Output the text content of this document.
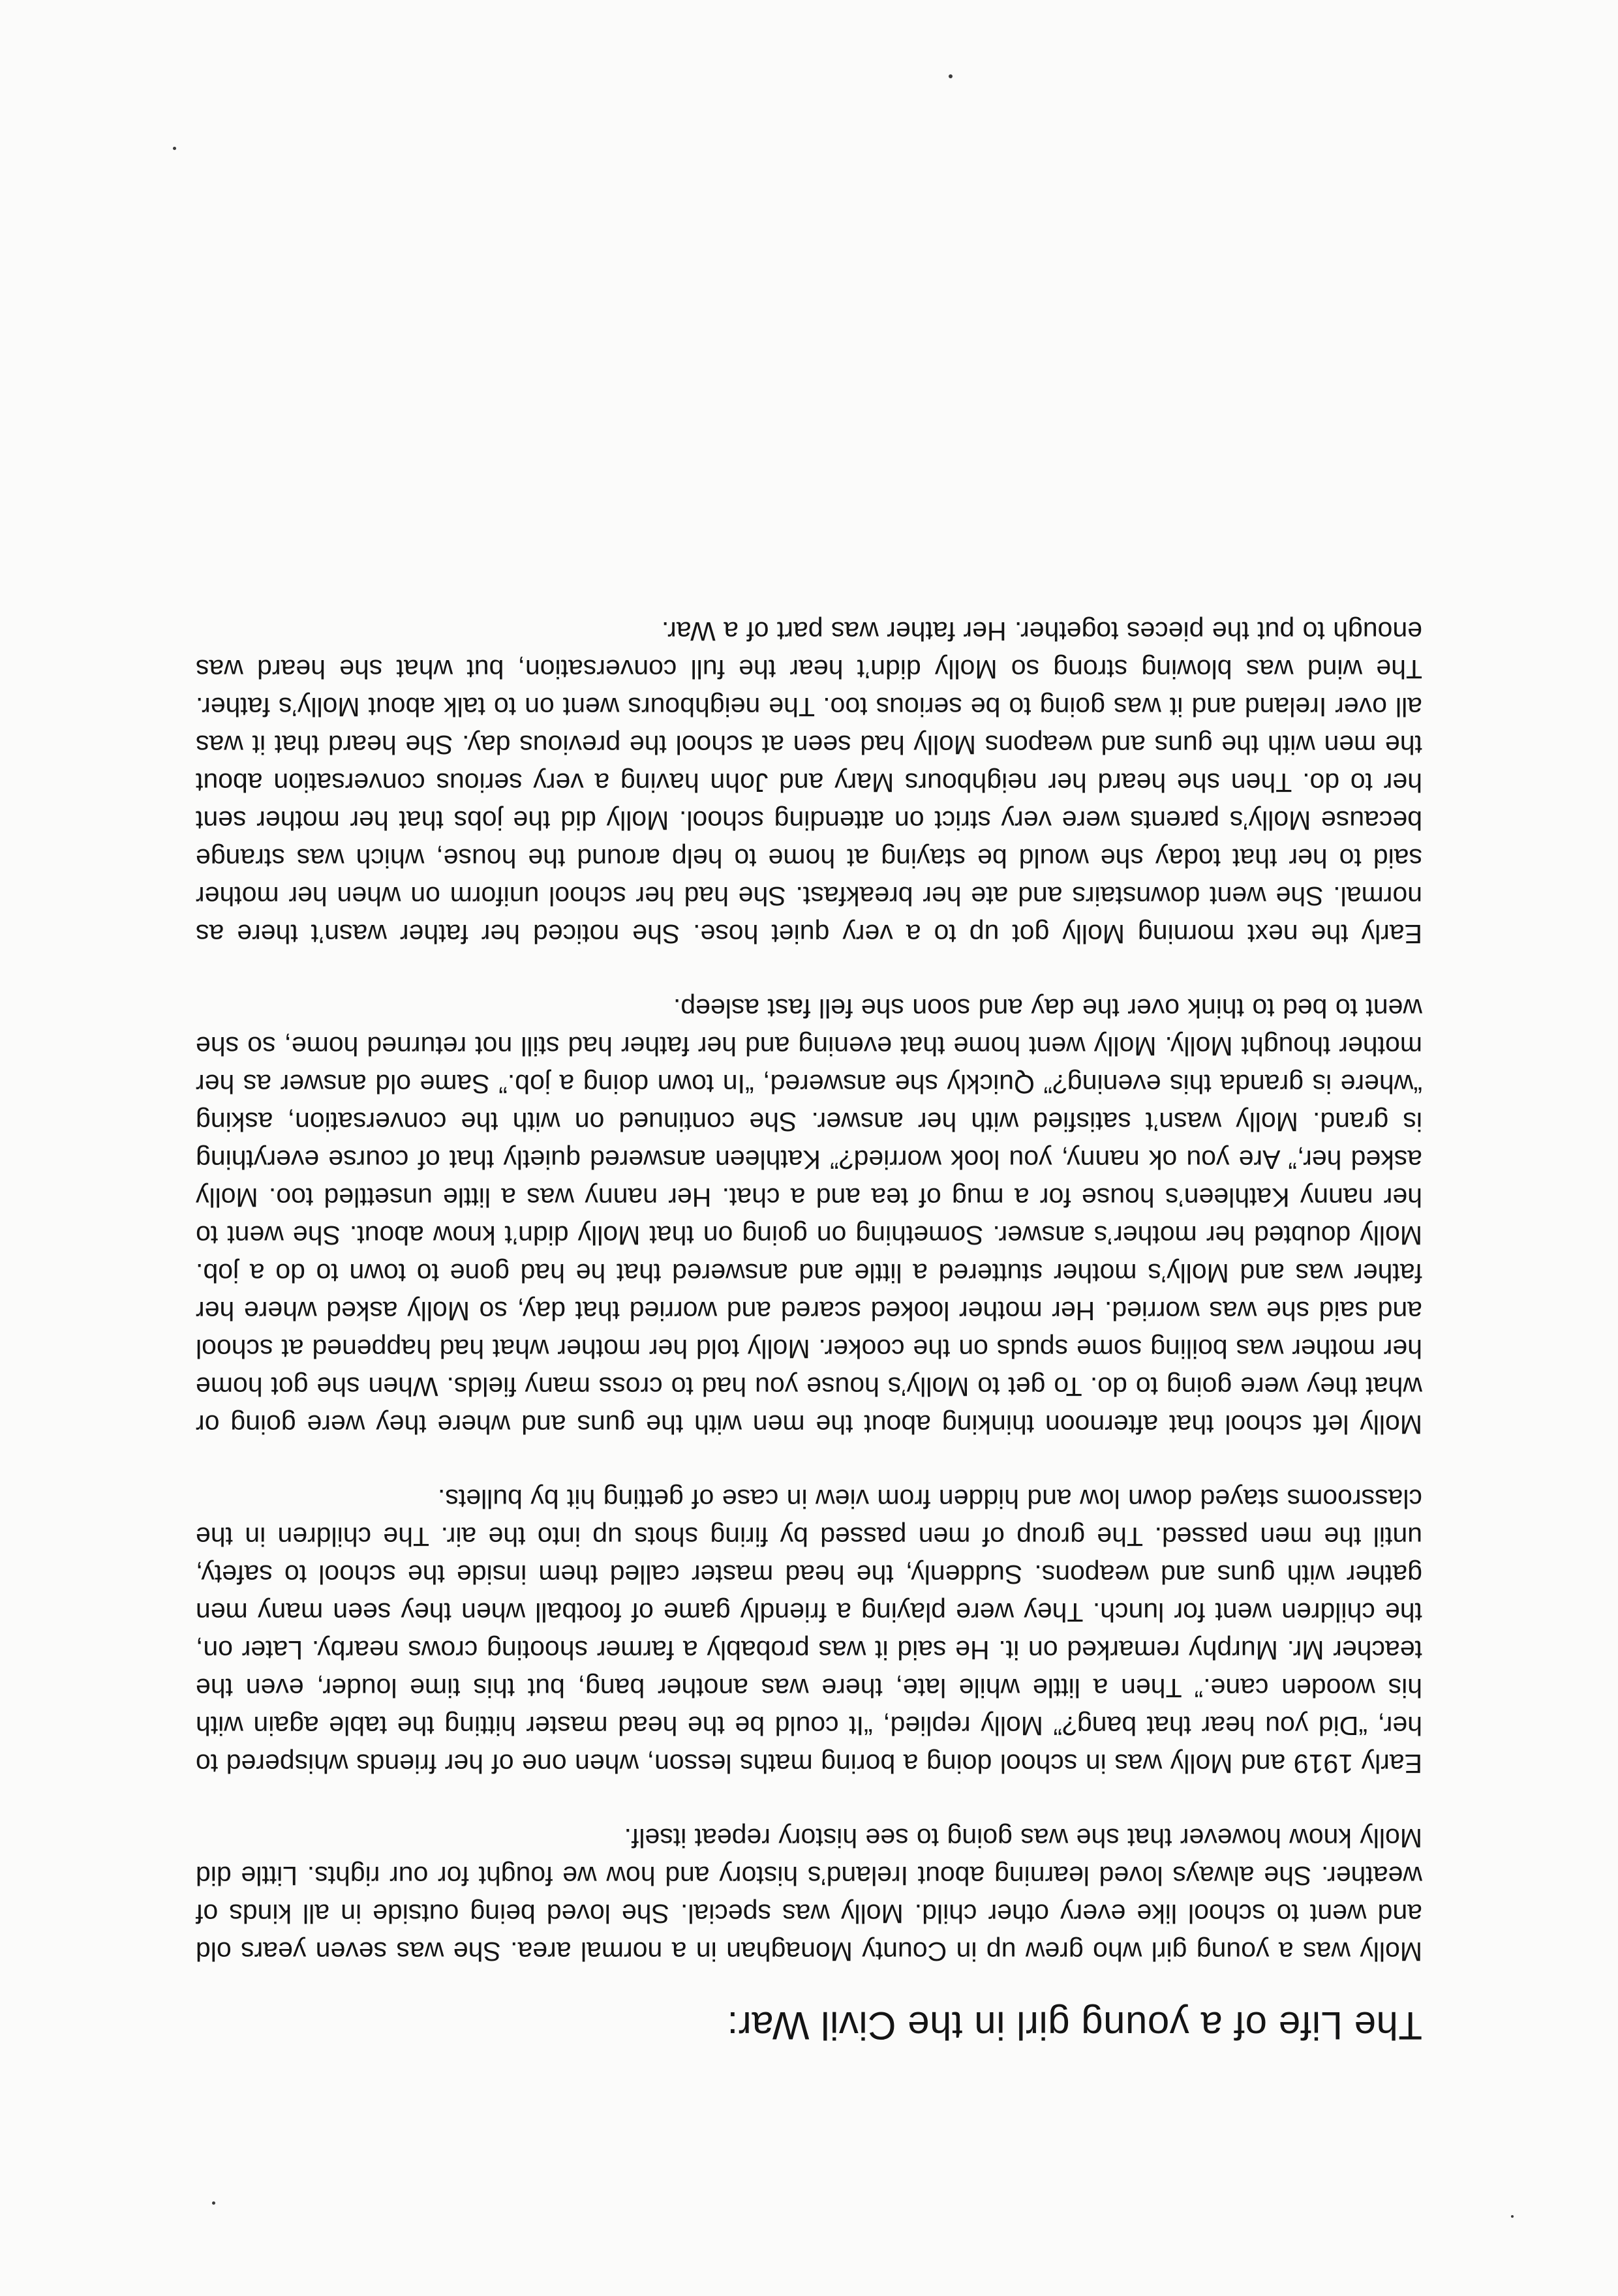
The Life of a young girl in the Civil War:

Molly was a young girl who grew up in County Monaghan in a normal area. She was seven years old and went to school like every other child. Molly was special. She loved being outside in all kinds of weather. She always loved learning about Ireland’s history and how we fought for our rights. Little did Molly know however that she was going to see history repeat itself.

Early 1919 and Molly was in school doing a boring maths lesson, when one of her friends whispered to her, “Did you hear that bang?” Molly replied, “It could be the head master hitting the table again with his wooden cane.” Then a little while late, there was another bang, but this time louder, even the teacher Mr. Murphy remarked on it. He said it was probably a farmer shooting crows nearby. Later on, the children went for lunch. They were playing a friendly game of football when they seen many men gather with guns and weapons. Suddenly, the head master called them inside the school to safety, until the men passed. The group of men passed by firing shots up into the air. The children in the classrooms stayed down low and hidden from view in case of getting hit by bullets.

Molly left school that afternoon thinking about the men with the guns and where they were going or what they were going to do. To get to Molly’s house you had to cross many fields. When she got home her mother was boiling some spuds on the cooker. Molly told her mother what had happened at school and said she was worried. Her mother looked scared and worried that day, so Molly asked where her father was and Molly’s mother stuttered a little and answered that he had gone to town to do a job. Molly doubted her mother’s answer. Something on going on that Molly didn’t know about. She went to her nanny Kathleen’s house for a mug of tea and a chat. Her nanny was a little unsettled too. Molly asked her,” Are you ok nanny, you look worried?” Kathleen answered quietly that of course everything is grand. Molly wasn’t satisfied with her answer. She continued on with the conversation, asking “where is granda this evening?” Quickly she answered, “In town doing a job.” Same old answer as her mother thought Molly. Molly went home that evening and her father had still not returned home, so she went to bed to think over the day and soon she fell fast asleep.

Early the next morning Molly got up to a very quiet hose. She noticed her father wasn’t there as normal. She went downstairs and ate her breakfast. She had her school uniform on when her mother said to her that today she would be staying at home to help around the house, which was strange because Molly’s parents were very strict on attending school. Molly did the jobs that her mother sent her to do. Then she heard her neighbours Mary and John having a very serious conversation about the men with the guns and weapons Molly had seen at school the previous day. She heard that it was all over Ireland and it was going to be serious too. The neighbours went on to talk about Molly’s father. The wind was blowing strong so Molly didn’t hear the full conversation, but what she heard was enough to put the pieces together. Her father was part of a War.
